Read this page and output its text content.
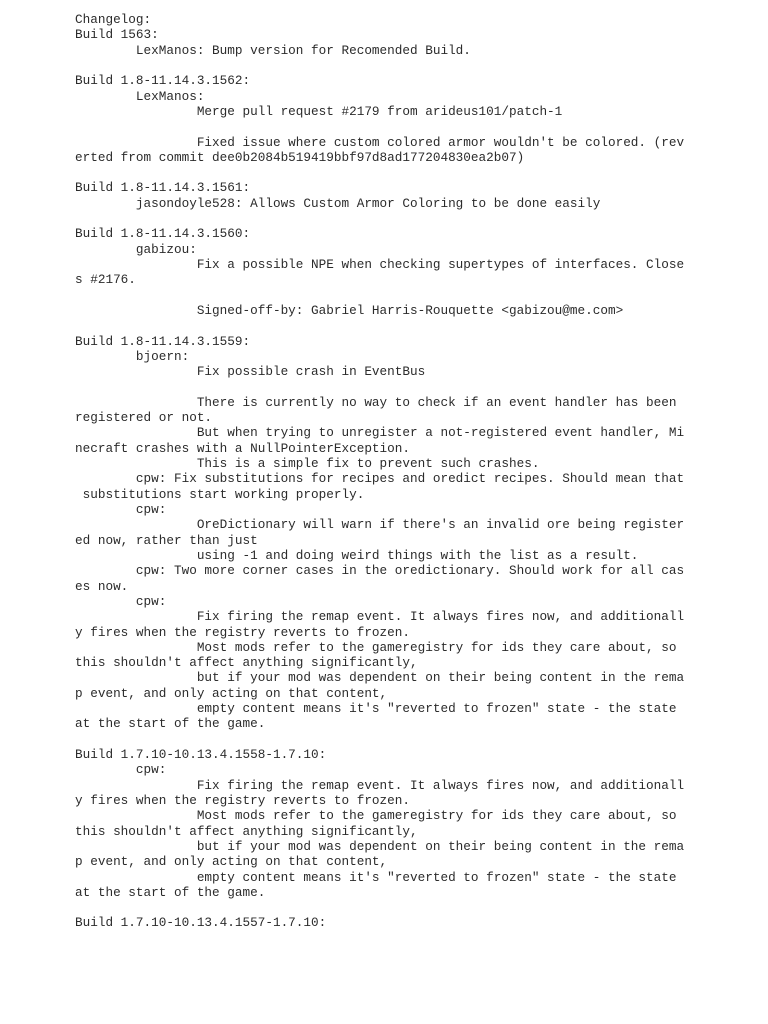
Changelog:
Build 1563:
LexManos: Bump version for Recomended Build.
Build 1.8-11.14.3.1562:
LexManos:
Merge pull request #2179 from arideus101/patch-1
Fixed issue where custom colored armor wouldn't be colored. (rev
erted from commit dee0b2084b519419bbf97d8ad177204830ea2b07)
Build 1.8-11.14.3.1561:
jasondoyle528: Allows Custom Armor Coloring to be done easily
Build 1.8-11.14.3.1560:
gabizou:
Fix a possible NPE when checking supertypes of interfaces. Close
s #2176.
Signed-off-by: Gabriel Harris-Rouquette <gabizou@me.com>
Build 1.8-11.14.3.1559:
bjoern:
Fix possible crash in EventBus
There is currently no way to check if an event handler has been
registered or not.
But when trying to unregister a not-registered event handler, Mi
necraft crashes with a NullPointerException.
This is a simple fix to prevent such crashes.
cpw: Fix substitutions for recipes and oredict recipes. Should mean that
substitutions start working properly.
cpw:
OreDictionary will warn if there's an invalid ore being register
ed now, rather than just
using -1 and doing weird things with the list as a result.
cpw: Two more corner cases in the oredictionary. Should work for all cas
es now.
cpw:
Fix firing the remap event. It always fires now, and additionall
y fires when the registry reverts to frozen.
Most mods refer to the gameregistry for ids they care about, so
this shouldn't affect anything significantly,
but if your mod was dependent on their being content in the rema
p event, and only acting on that content,
empty content means it's "reverted to frozen" state - the state
at the start of the game.
Build 1.7.10-10.13.4.1558-1.7.10:
cpw:
Fix firing the remap event. It always fires now, and additionall
y fires when the registry reverts to frozen.
Most mods refer to the gameregistry for ids they care about, so
this shouldn't affect anything significantly,
but if your mod was dependent on their being content in the rema
p event, and only acting on that content,
empty content means it's "reverted to frozen" state - the state
at the start of the game.
Build 1.7.10-10.13.4.1557-1.7.10:
